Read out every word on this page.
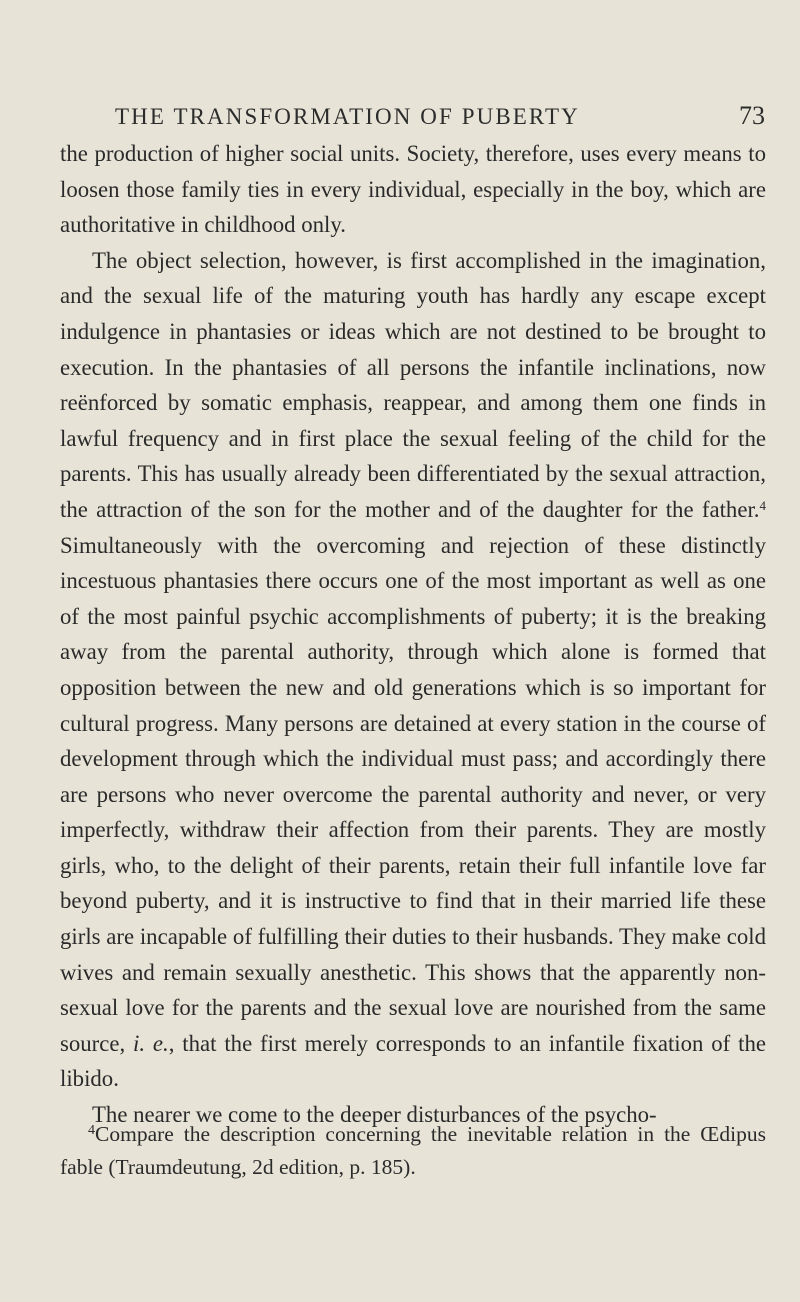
THE TRANSFORMATION OF PUBERTY	73

the production of higher social units. Society, therefore, uses every means to loosen those family ties in every individual, especially in the boy, which are authoritative in childhood only.

The object selection, however, is first accomplished in the imagination, and the sexual life of the maturing youth has hardly any escape except indulgence in phantasies or ideas which are not destined to be brought to execution. In the phantasies of all persons the infantile inclinations, now reënforced by somatic emphasis, reappear, and among them one finds in lawful frequency and in first place the sexual feeling of the child for the parents. This has usually already been differentiated by the sexual attraction, the attraction of the son for the mother and of the daughter for the father.$^4$ Simultaneously with the overcoming and rejection of these distinctly incestuous phantasies there occurs one of the most important as well as one of the most painful psychic accomplishments of puberty; it is the breaking away from the parental authority, through which alone is formed that opposition between the new and old generations which is so important for cultural progress. Many persons are detained at every station in the course of development through which the individual must pass; and accordingly there are persons who never overcome the parental authority and never, or very imperfectly, withdraw their affection from their parents. They are mostly girls, who, to the delight of their parents, retain their full infantile love far beyond puberty, and it is instructive to find that in their married life these girls are incapable of fulfilling their duties to their husbands. They make cold wives and remain sexually anesthetic. This shows that the apparently non-sexual love for the parents and the sexual love are nourished from the same source, i. e., that the first merely corresponds to an infantile fixation of the libido.

The nearer we come to the deeper disturbances of the psycho-

$^4$Compare the description concerning the inevitable relation in the Œdipus fable (Traumdeutung, 2d edition, p. 185).
